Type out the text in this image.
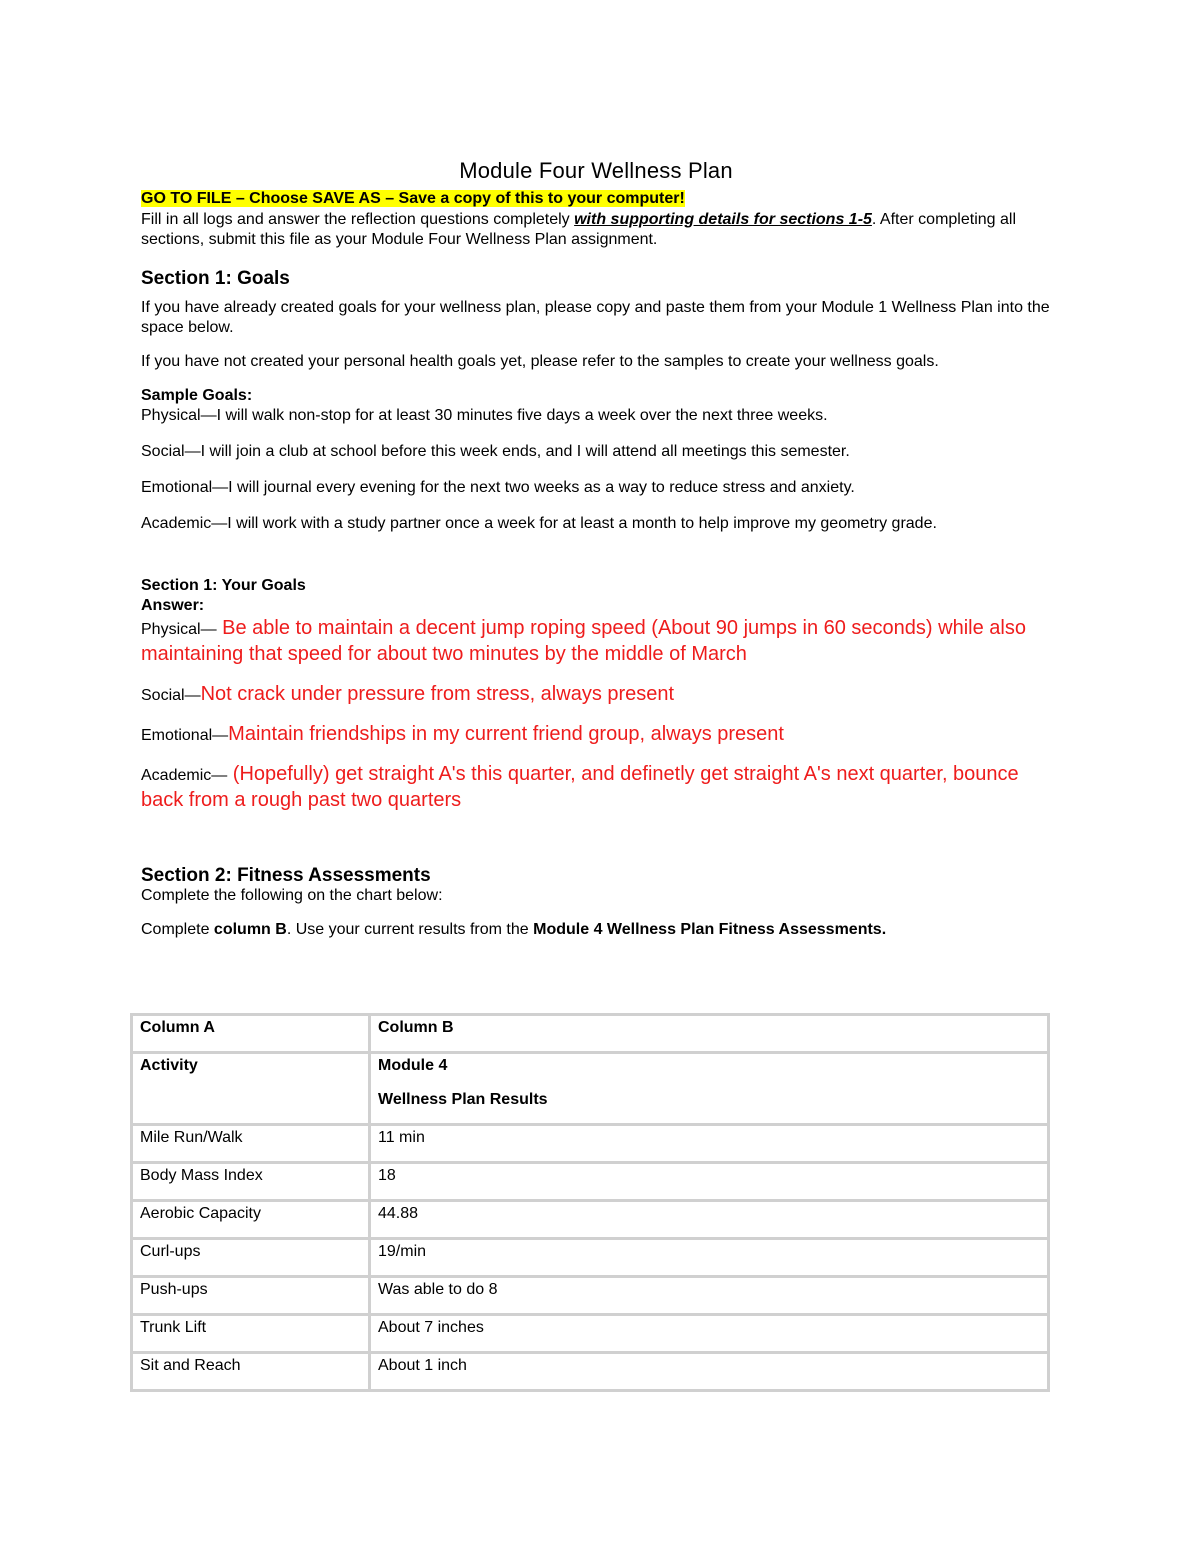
Module Four Wellness Plan
GO TO FILE – Choose SAVE AS – Save a copy of this to your computer!

Fill in all logs and answer the reflection questions completely with supporting details for sections 1-5. After completing all sections, submit this file as your Module Four Wellness Plan assignment.

Section 1: Goals

If you have already created goals for your wellness plan, please copy and paste them from your Module 1 Wellness Plan into the space below.

If you have not created your personal health goals yet, please refer to the samples to create your wellness goals.

Sample Goals:

Physical—I will walk non-stop for at least 30 minutes five days a week over the next three weeks.

Social—I will join a club at school before this week ends, and I will attend all meetings this semester.

Emotional—I will journal every evening for the next two weeks as a way to reduce stress and anxiety.

Academic—I will work with a study partner once a week for at least a month to help improve my geometry grade.

Section 1: Your Goals

Answer:

Physical— Be able to maintain a decent jump roping speed (About 90 jumps in 60 seconds) while also maintaining that speed for about two minutes by the middle of March

Social—Not crack under pressure from stress, always present

Emotional—Maintain friendships in my current friend group, always present

Academic— (Hopefully) get straight A's this quarter, and definetly get straight A's next quarter, bounce back from a rough past two quarters

Section 2: Fitness Assessments

Complete the following on the chart below:

Complete column B. Use your current results from the Module 4 Wellness Plan Fitness Assessments.

Column A	Column B
Activity	Module 4
Wellness Plan Results

Mile Run/Walk	11 min
Body Mass Index	18
Aerobic Capacity	44.88
Curl-ups	19/min
Push-ups	Was able to do 8
Trunk Lift	About 7 inches
Sit and Reach	About 1 inch
